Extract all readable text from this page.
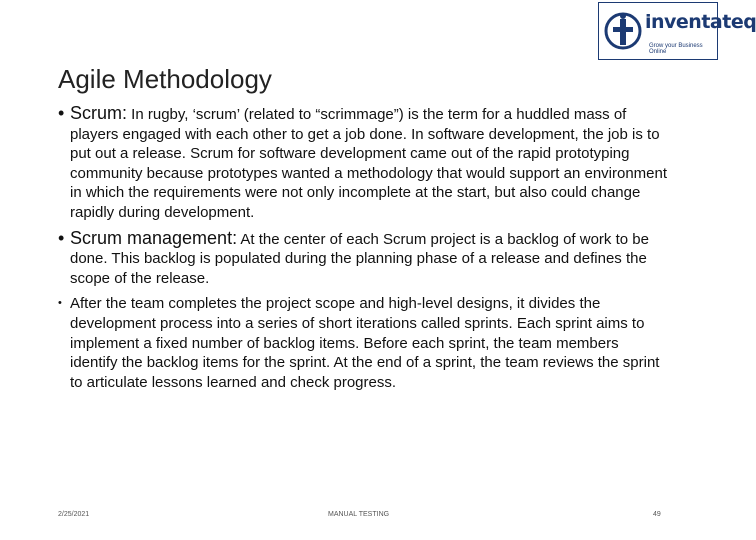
inventateq
Grow your Business Online
Agile Methodology
• Scrum: In rugby, ‘scrum’ (related to “scrimmage”) is the term for a huddled mass of players engaged with each other to get a job done. In software development, the job is to put out a release. Scrum for software development came out of the rapid prototyping community because prototypes wanted a methodology that would support an environment in which the requirements were not only incomplete at the start, but also could change rapidly during development.
• Scrum management: At the center of each Scrum project is a backlog of work to be done. This backlog is populated during the planning phase of a release and defines the scope of the release.
• After the team completes the project scope and high-level designs, it divides the development process into a series of short iterations called sprints. Each sprint aims to implement a fixed number of backlog items. Before each sprint, the team members identify the backlog items for the sprint. At the end of a sprint, the team reviews the sprint to articulate lessons learned and check progress.
2/25/2021	MANUAL TESTING	49
